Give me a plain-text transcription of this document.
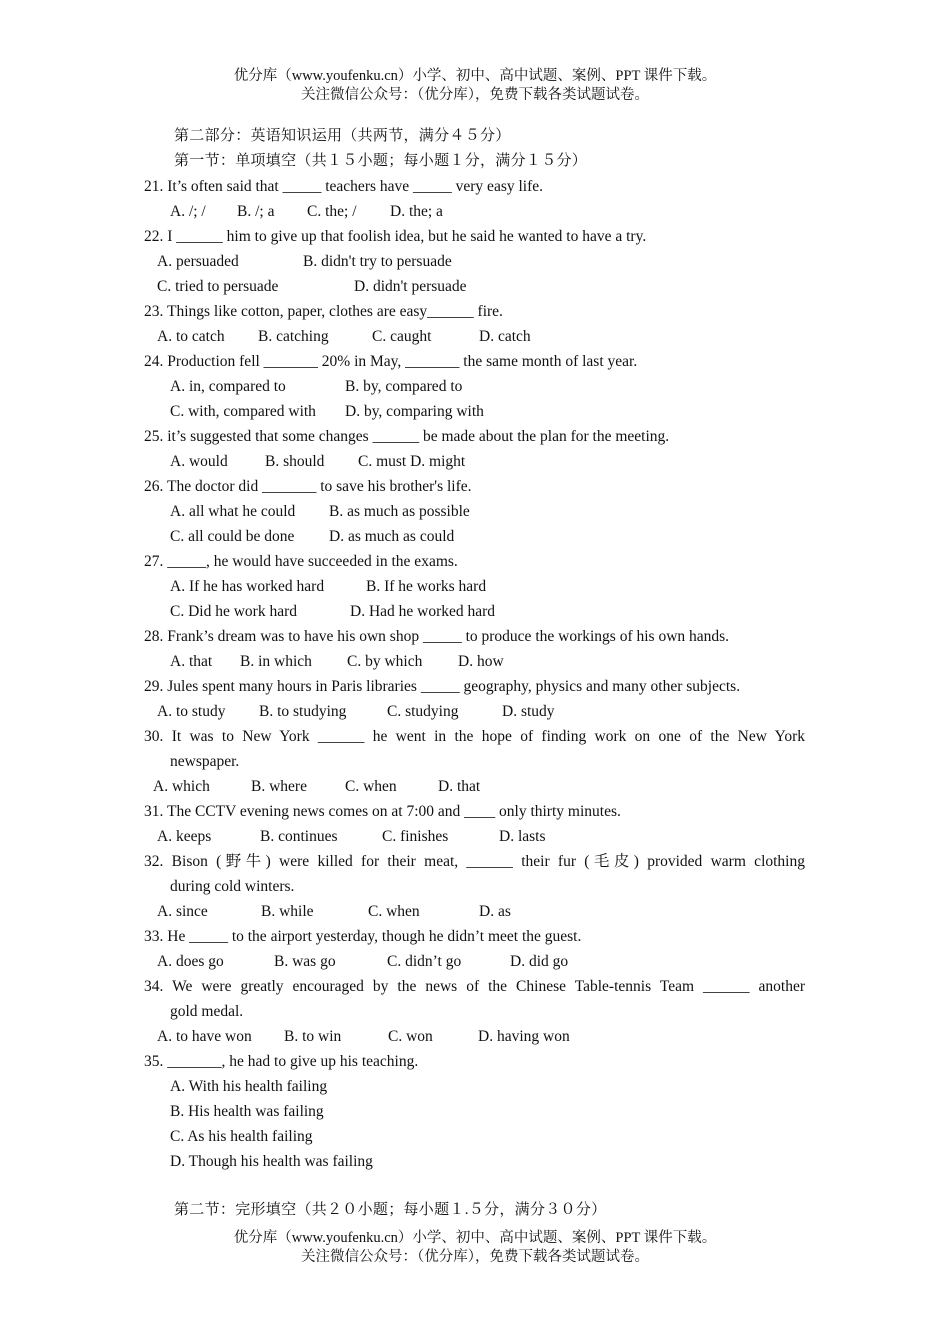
优分库（www.youfenku.cn）小学、初中、高中试题、案例、PPT 课件下载。
关注微信公众号：（优分库），免费下载各类试题试卷。
第二部分：英语知识运用（共两节，满分４５分）
第一节：单项填空（共１５小题；每小题１分，满分１５分）
21. It’s often said that _____ teachers have _____ very easy life.
A. /; / B. /; a C. the; / D. the; a
22. I ______ him to give up that foolish idea, but he said he wanted to have a try.
A. persuaded	B. didn't try to persuade
C. tried to persuade	D. didn't persuade
23. Things like cotton, paper, clothes are easy______ fire.
A. to catch B. catching	C. caught	D. catch
24. Production fell _______ 20% in May, _______ the same month of last year.
A. in, compared to	B. by, compared to
C. with, compared with D. by, comparing with
25. it’s suggested that some changes ______ be made about the plan for the meeting.
A. would B. should C. must D. might
26. The doctor did _______ to save his brother's life.
A. all what he could B. as much as possible
C. all could be done D. as much as could
27. _____, he would have succeeded in the exams.
A. If he has worked hard	B. If he works hard
C. Did he work hard	D. Had he worked hard
28. Frank’s dream was to have his own shop _____ to produce the workings of his own hands.
A. that B. in which C. by which D. how
29. Jules spent many hours in Paris libraries _____ geography, physics and many other subjects.
A. to study B. to studying	C. studying	D. study
30. It was to New York ______ he went in the hope of finding work on one of the New York
newspaper.
A. which	B. where C. when	D. that
31. The CCTV evening news comes on at 7:00 and ____ only thirty minutes.
A. keeps	B. continues	C. finishes	D. lasts
32. Bison (野牛) were killed for their meat, ______ their fur (毛皮) provided warm clothing
during cold winters.
A. since	B. while	C. when	D. as
33. He _____ to the airport yesterday, though he didn’t meet the guest.
A. does go	B. was go	C. didn’t go	D. did go
34. We were greatly encouraged by the news of the Chinese Table-tennis Team ______ another
gold medal.
A. to have won B. to win	C. won	D. having won
35. _______, he had to give up his teaching.
A. With his health failing
B. His health was failing
C. As his health failing
D. Though his health was failing
第二节：完形填空（共２０小题；每小题１.５分，满分３０分）
优分库（www.youfenku.cn）小学、初中、高中试题、案例、PPT 课件下载。
关注微信公众号：（优分库），免费下载各类试题试卷。
